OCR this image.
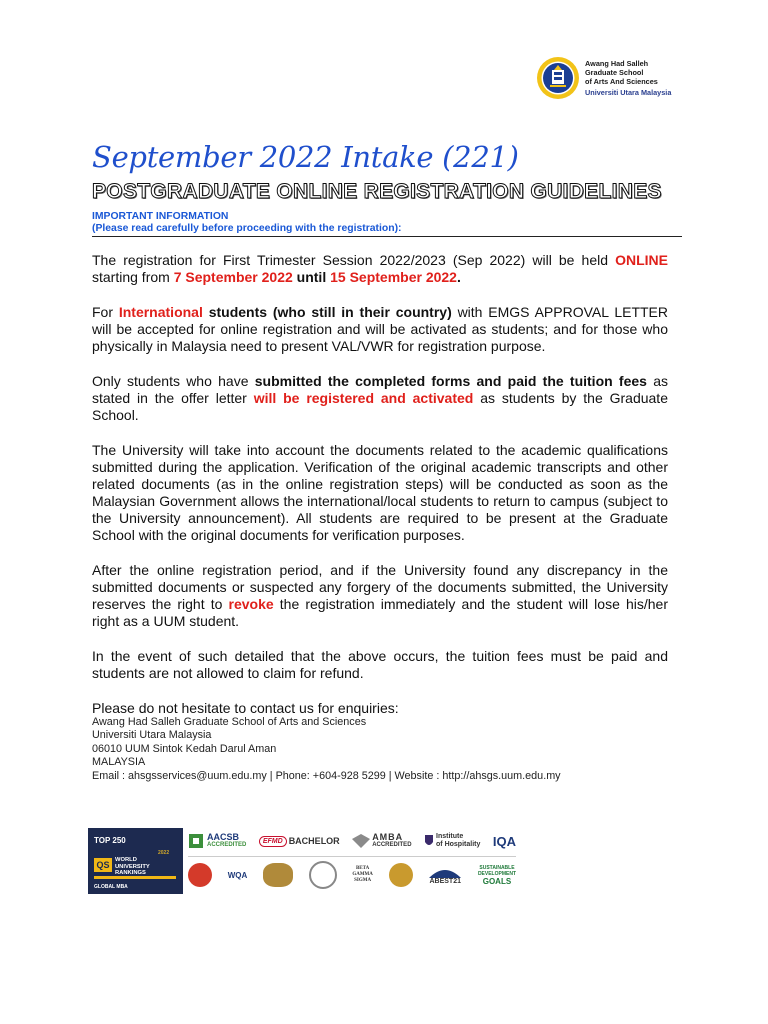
Awang Had Salleh
Graduate School
of Arts And Sciences
Universiti Utara Malaysia
September 2022 Intake (221)
POSTGRADUATE ONLINE REGISTRATION GUIDELINES
IMPORTANT INFORMATION
(Please read carefully before proceeding with the registration):

The registration for First Trimester Session 2022/2023 (Sep 2022) will be held ONLINE starting from 7 September 2022 until 15 September 2022.

For International students (who still in their country) with EMGS APPROVAL LETTER will be accepted for online registration and will be activated as students; and for those who physically in Malaysia need to present VAL/VWR for registration purpose.

Only students who have submitted the completed forms and paid the tuition fees as stated in the offer letter will be registered and activated as students by the Graduate School.

The University will take into account the documents related to the academic qualifications submitted during the application. Verification of the original academic transcripts and other related documents (as in the online registration steps) will be conducted as soon as the Malaysian Government allows the international/local students to return to campus (subject to the University announcement). All students are required to be present at the Graduate School with the original documents for verification purposes.

After the online registration period, and if the University found any discrepancy in the submitted documents or suspected any forgery of the documents submitted, the University reserves the right to revoke the registration immediately and the student will lose his/her right as a UUM student.

In the event of such detailed that the above occurs, the tuition fees must be paid and students are not allowed to claim for refund.

Please do not hesitate to contact us for enquiries:

Awang Had Salleh Graduate School of Arts and Sciences
Universiti Utara Malaysia
06010 UUM Sintok Kedah Darul Aman
MALAYSIA
Email : ahsgsservices@uum.edu.my | Phone: +604-928 5299 | Website : http://ahsgs.uum.edu.my
TOP 250
2022
QS WORLD
UNIVERSITY
RANKINGS
GLOBAL MBA
AACSB
ACCREDITED
EFMD BACHELOR	AMBA
ACCREDITED
Institute
of Hospitality IQA
WQA
BETA
GAMMA
SIGMA	ABEST21
SUSTAINABLE
DEVELOPMENT
GOALS
